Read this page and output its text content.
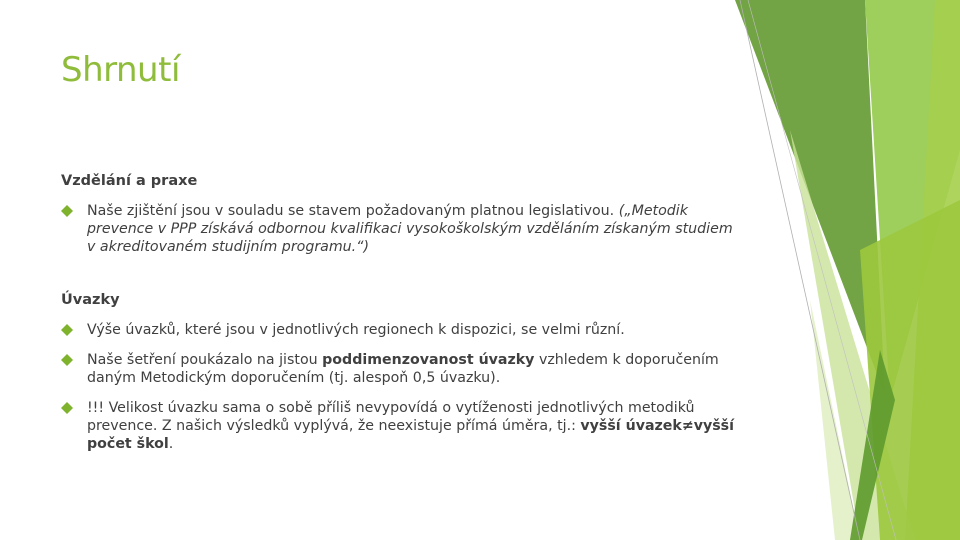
Shrnutí
Vzdělání a praxe
Naše zjištění jsou v souladu se stavem požadovaným platnou legislativou. („Metodik prevence v PPP získává odbornou kvalifikaci vysokoškolským vzděláním získaným studiem v akreditovaném studijním programu.“)
Úvazky
Výše úvazků, které jsou v jednotlivých regionech k dispozici, se velmi různí.
Naše šetření poukázalo na jistou poddimenzovanost úvazky vzhledem k doporučením daným Metodickým doporučením (tj. alespoň 0,5 úvazku).
!!! Velikost úvazku sama o sobě příliš nevypovídá o vytíženosti jednotlivých metodiků prevence. Z našich výsledků vyplývá, že neexistuje přímá úměra, tj.: vyšší úvazek≠vyšší počet škol.
